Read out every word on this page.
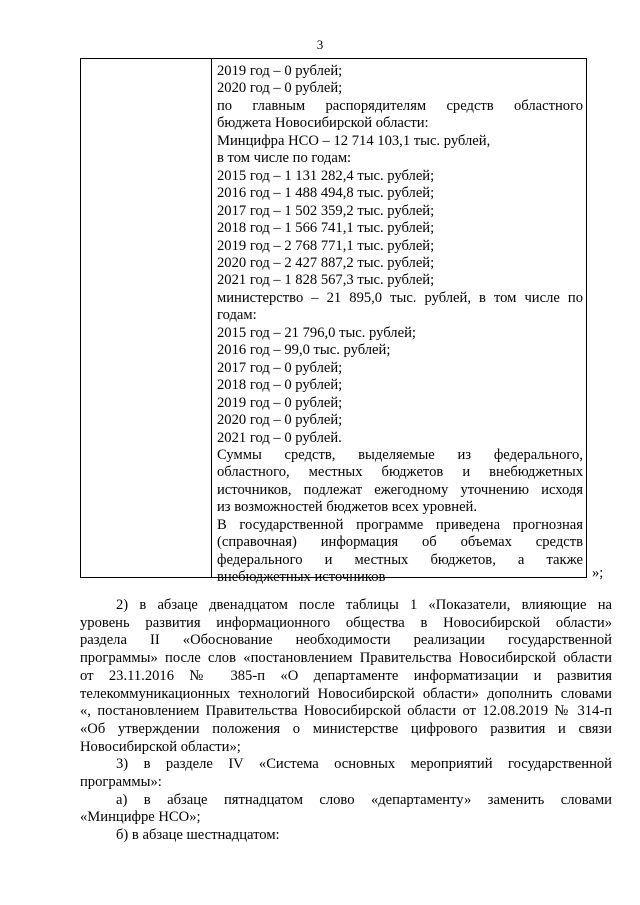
3
2019 год – 0 рублей;
2020 год – 0 рублей;
по главным распорядителям средств областного
бюджета Новосибирской области:
Минцифра НСО – 12 714 103,1 тыс. рублей,
в том числе по годам:
2015 год – 1 131 282,4 тыс. рублей;
2016 год – 1 488 494,8 тыс. рублей;
2017 год – 1 502 359,2 тыс. рублей;
2018 год – 1 566 741,1 тыс. рублей;
2019 год – 2 768 771,1 тыс. рублей;
2020 год – 2 427 887,2 тыс. рублей;
2021 год – 1 828 567,3 тыс. рублей;
министерство – 21 895,0 тыс. рублей, в том числе по
годам:
2015 год – 21 796,0 тыс. рублей;
2016 год – 99,0 тыс. рублей;
2017 год – 0 рублей;
2018 год – 0 рублей;
2019 год – 0 рублей;
2020 год – 0 рублей;
2021 год – 0 рублей.
Суммы средств, выделяемые из федерального,
областного, местных бюджетов и внебюджетных
источников, подлежат ежегодному уточнению исходя
из возможностей бюджетов всех уровней.
В государственной программе приведена прогнозная
(справочная) информация об объемах средств
федерального и местных бюджетов, а также
внебюджетных источников	»;
2) в абзаце двенадцатом после таблицы 1 «Показатели, влияющие на
уровень развития информационного общества в Новосибирской области»
раздела II «Обоснование необходимости реализации государственной
программы» после слов «постановлением Правительства Новосибирской области
от 23.11.2016 № 385-п «О департаменте информатизации и развития
телекоммуникационных технологий Новосибирской области» дополнить словами
«, постановлением Правительства Новосибирской области от 12.08.2019 № 314-п
«Об утверждении положения о министерстве цифрового развития и связи
Новосибирской области»;
3) в разделе IV «Система основных мероприятий государственной
программы»:
а) в абзаце пятнадцатом слово «департаменту» заменить словами
«Минцифре НСО»;
б) в абзаце шестнадцатом:
